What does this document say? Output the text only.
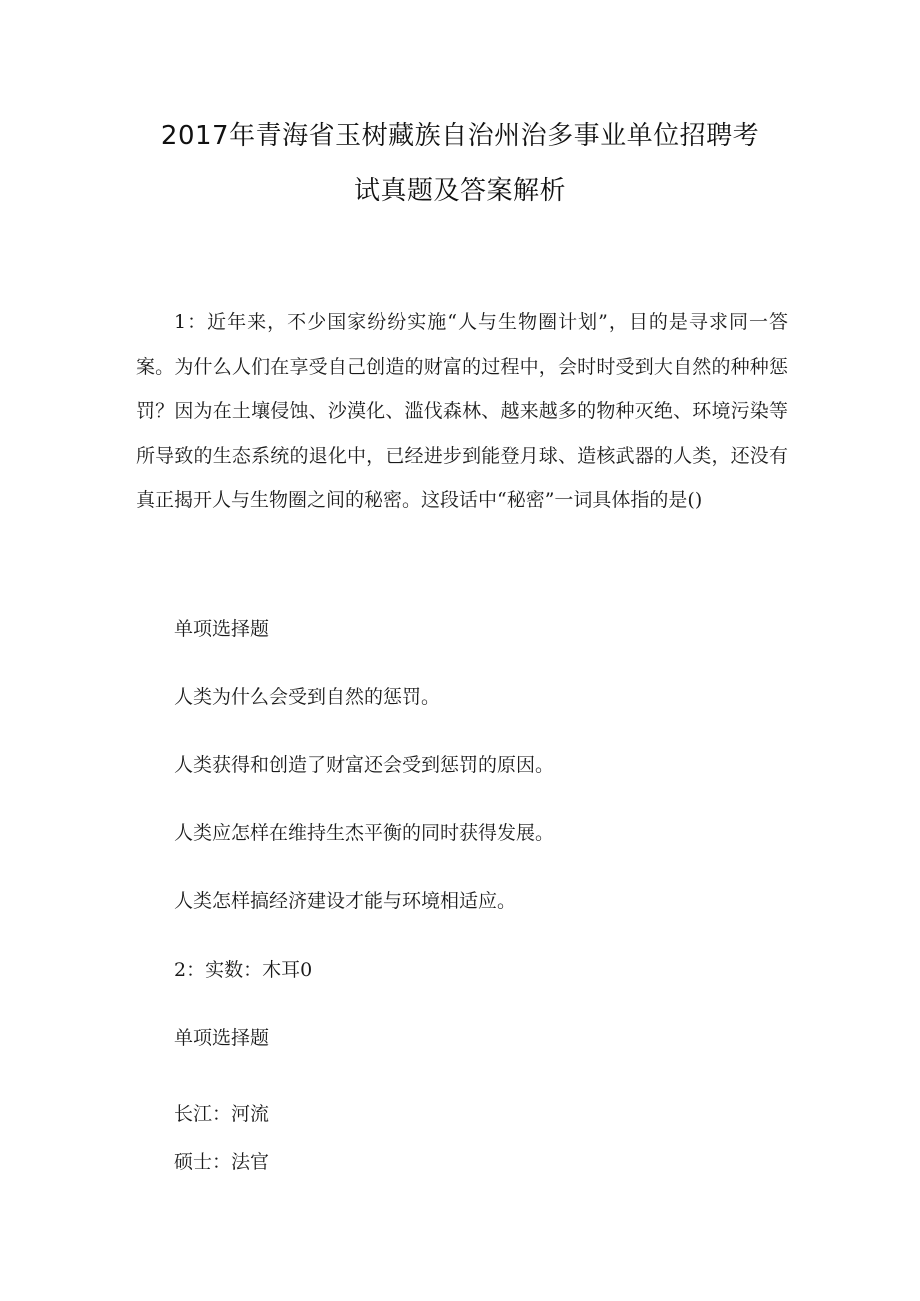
2017年青海省玉树藏族自治州治多事业单位招聘考
试真题及答案解析

1：近年来，不少国家纷纷实施“人与生物圈计划”，目的是寻求同一答案。为什么人们在享受自己创造的财富的过程中，会时时受到大自然的种种惩罚？因为在土壤侵蚀、沙漠化、滥伐森林、越来越多的物种灭绝、环境污染等所导致的生态系统的退化中，已经进步到能登月球、造核武器的人类，还没有真正揭开人与生物圈之间的秘密。这段话中“秘密”一词具体指的是()

单项选择题

人类为什么会受到自然的惩罚。

人类获得和创造了财富还会受到惩罚的原因。

人类应怎样在维持生杰平衡的同时获得发展。

人类怎样搞经济建设才能与环境相适应。

2：实数：木耳0

单项选择题

长江：河流

硕士：法官
